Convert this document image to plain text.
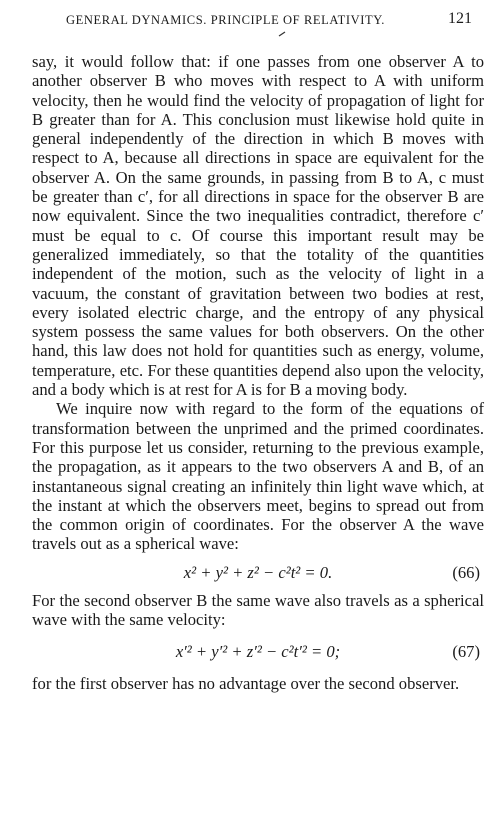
GENERAL DYNAMICS. PRINCIPLE OF RELATIVITY.	121

say, it would follow that: if one passes from one observer A to another observer B who moves with respect to A with uniform velocity, then he would find the velocity of propagation of light for B greater than for A. This conclusion must likewise hold quite in general independently of the direction in which B moves with respect to A, because all directions in space are equivalent for the observer A. On the same grounds, in passing from B to A, c must be greater than c′, for all directions in space for the observer B are now equivalent. Since the two inequalities contradict, therefore c′ must be equal to c. Of course this important result may be generalized immediately, so that the totality of the quantities independent of the motion, such as the velocity of light in a vacuum, the constant of gravitation between two bodies at rest, every isolated electric charge, and the entropy of any physical system possess the same values for both observers. On the other hand, this law does not hold for quantities such as energy, volume, temperature, etc. For these quantities depend also upon the velocity, and a body which is at rest for A is for B a moving body.

We inquire now with regard to the form of the equations of transformation between the unprimed and the primed coordinates. For this purpose let us consider, returning to the previous example, the propagation, as it appears to the two observers A and B, of an instantaneous signal creating an infinitely thin light wave which, at the instant at which the observers meet, begins to spread out from the common origin of coordinates. For the observer A the wave travels out as a spherical wave:

x² + y² + z² − c²t² = 0.	(66)

For the second observer B the same wave also travels as a spherical wave with the same velocity:

x′² + y′² + z′² − c²t′² = 0;	(67)

for the first observer has no advantage over the second observer.
